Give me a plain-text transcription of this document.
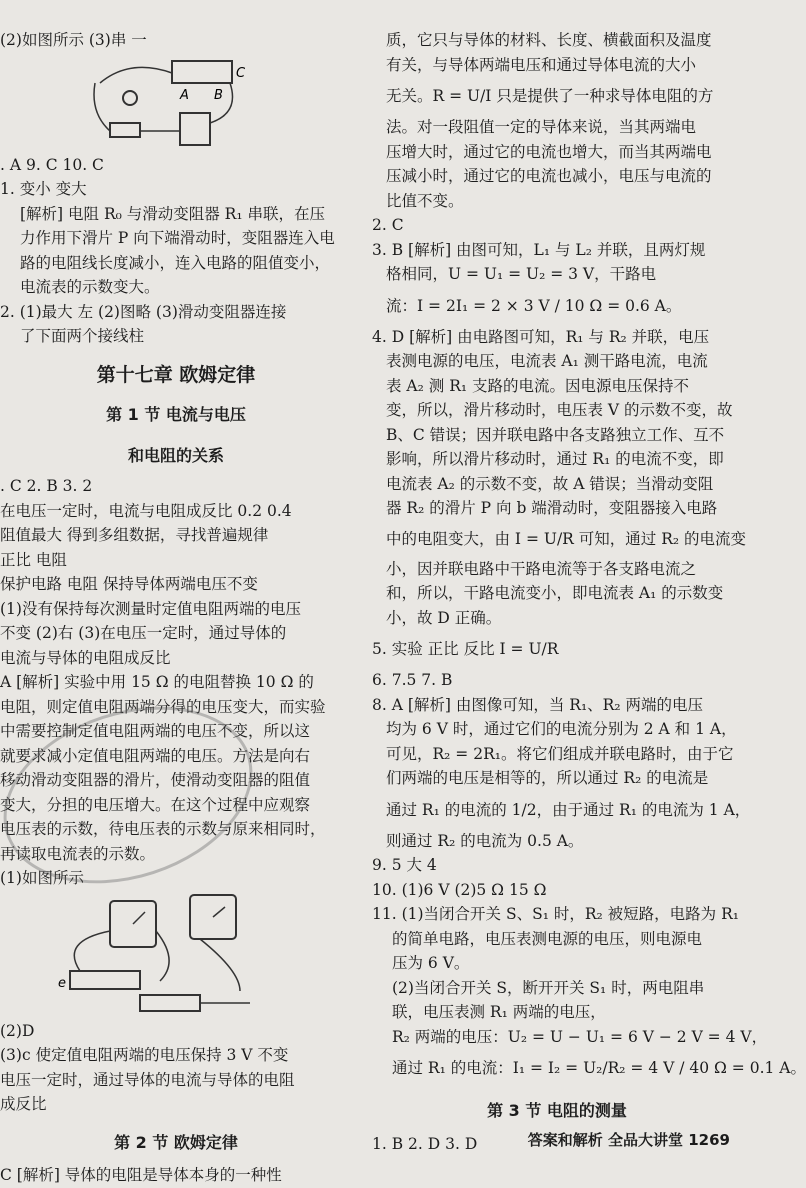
(2)如图所示 (3)串 一

C
A B

. A 9. C 10. C

1. 变小 变大

[解析] 电阻 R₀ 与滑动变阻器 R₁ 串联，在压

力作用下滑片 P 向下端滑动时，变阻器连入电

路的电阻线长度减小，连入电路的阻值变小，

电流表的示数变大。

2. (1)最大 左 (2)图略 (3)滑动变阻器连接

了下面两个接线柱

第十七章 欧姆定律

第 1 节 电流与电压

和电阻的关系

. C 2. B 3. 2

在电压一定时，电流与电阻成反比 0.2 0.4

阻值最大 得到多组数据，寻找普遍规律

正比 电阻

保护电路 电阻 保持导体两端电压不变

(1)没有保持每次测量时定值电阻两端的电压

不变 (2)右 (3)在电压一定时，通过导体的

电流与导体的电阻成反比

A [解析] 实验中用 15 Ω 的电阻替换 10 Ω 的

电阻，则定值电阻两端分得的电压变大，而实验

中需要控制定值电阻两端的电压不变，所以这

就要求减小定值电阻两端的电压。方法是向右

移动滑动变阻器的滑片，使滑动变阻器的阻值

变大，分担的电压增大。在这个过程中应观察

电压表的示数，待电压表的示数与原来相同时，

再读取电流表的示数。

(1)如图所示

e

(2)D

(3)c 使定值电阻两端的电压保持 3 V 不变

电压一定时，通过导体的电流与导体的电阻

成反比

第 2 节 欧姆定律

C [解析] 导体的电阻是导体本身的一种性

质，它只与导体的材料、长度、横截面积及温度

有关，与导体两端电压和通过导体电流的大小

无关。R = U/I 只是提供了一种求导体电阻的方

法。对一段阻值一定的导体来说，当其两端电

压增大时，通过它的电流也增大，而当其两端电

压减小时，通过它的电流也减小，电压与电流的

比值不变。

2. C

3. B [解析] 由图可知，L₁ 与 L₂ 并联，且两灯规

格相同，U = U₁ = U₂ = 3 V，干路电

流：I = 2I₁ = 2 × 3 V / 10 Ω = 0.6 A。

4. D [解析] 由电路图可知，R₁ 与 R₂ 并联，电压

表测电源的电压，电流表 A₁ 测干路电流，电流

表 A₂ 测 R₁ 支路的电流。因电源电压保持不

变，所以，滑片移动时，电压表 V 的示数不变，故

B、C 错误；因并联电路中各支路独立工作、互不

影响，所以滑片移动时，通过 R₁ 的电流不变，即

电流表 A₂ 的示数不变，故 A 错误；当滑动变阻

器 R₂ 的滑片 P 向 b 端滑动时，变阻器接入电路

中的电阻变大，由 I = U/R 可知，通过 R₂ 的电流变

小，因并联电路中干路电流等于各支路电流之

和，所以，干路电流变小，即电流表 A₁ 的示数变

小，故 D 正确。

5. 实验 正比 反比 I = U/R

6. 7.5 7. B

8. A [解析] 由图像可知，当 R₁、R₂ 两端的电压

均为 6 V 时，通过它们的电流分别为 2 A 和 1 A，

可见，R₂ = 2R₁。将它们组成并联电路时，由于它

们两端的电压是相等的，所以通过 R₂ 的电流是

通过 R₁ 的电流的 1/2，由于通过 R₁ 的电流为 1 A，

则通过 R₂ 的电流为 0.5 A。

9. 5 大 4

10. (1)6 V (2)5 Ω 15 Ω

11. (1)当闭合开关 S、S₁ 时，R₂ 被短路，电路为 R₁

的简单电路，电压表测电源的电压，则电源电

压为 6 V。

(2)当闭合开关 S，断开开关 S₁ 时，两电阻串

联，电压表测 R₁ 两端的电压，

R₂ 两端的电压：U₂ = U − U₁ = 6 V − 2 V = 4 V，

通过 R₁ 的电流：I₁ = I₂ = U₂/R₂ = 4 V / 40 Ω = 0.1 A。

第 3 节 电阻的测量

1. B 2. D 3. D	答案和解析 全品大讲堂 1269
